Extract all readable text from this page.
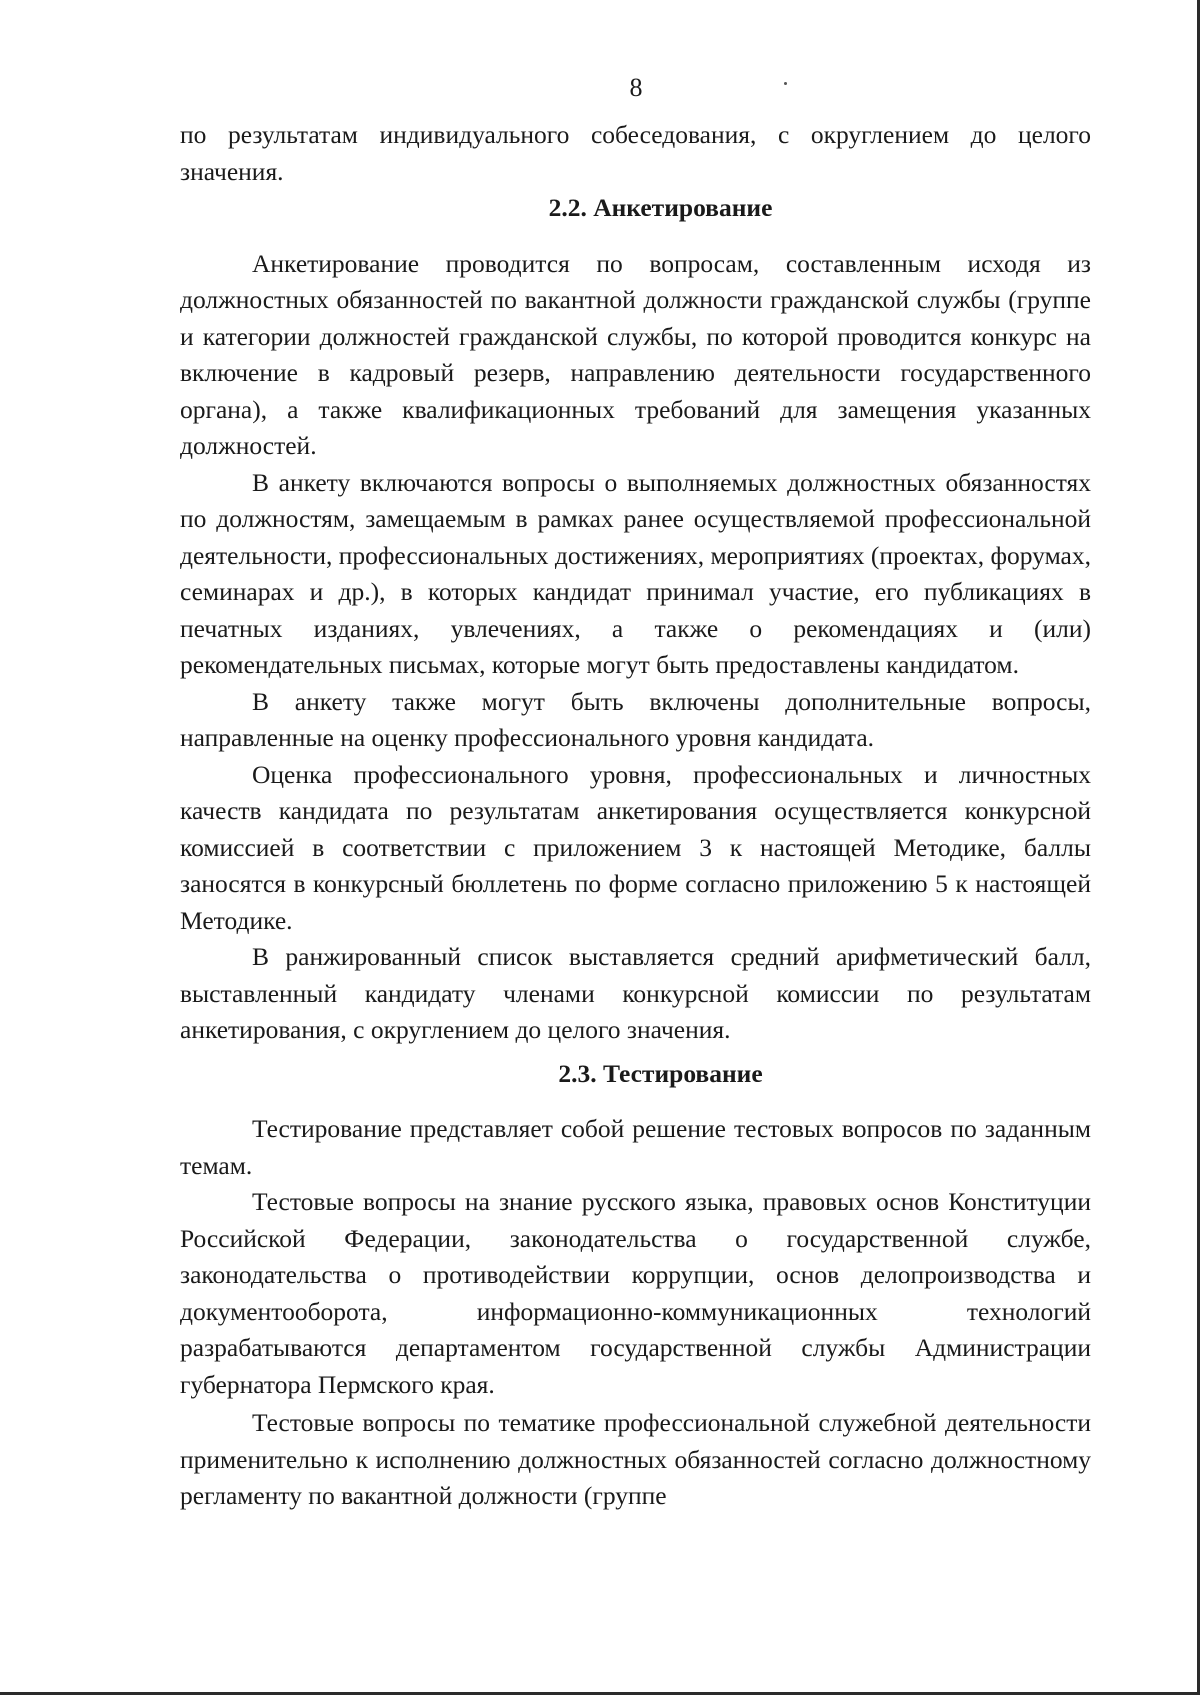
8

по результатам индивидуального собеседования, с округлением до целого значения.

2.2. Анкетирование

Анкетирование проводится по вопросам, составленным исходя из должностных обязанностей по вакантной должности гражданской службы (группе и категории должностей гражданской службы, по которой проводится конкурс на включение в кадровый резерв, направлению деятельности государственного органа), а также квалификационных требований для замещения указанных должностей.

В анкету включаются вопросы о выполняемых должностных обязанностях по должностям, замещаемым в рамках ранее осуществляемой профессиональной деятельности, профессиональных достижениях, мероприятиях (проектах, форумах, семинарах и др.), в которых кандидат принимал участие, его публикациях в печатных изданиях, увлечениях, а также о рекомендациях и (или) рекомендательных письмах, которые могут быть предоставлены кандидатом.

В анкету также могут быть включены дополнительные вопросы, направленные на оценку профессионального уровня кандидата.

Оценка профессионального уровня, профессиональных и личностных качеств кандидата по результатам анкетирования осуществляется конкурсной комиссией в соответствии с приложением 3 к настоящей Методике, баллы заносятся в конкурсный бюллетень по форме согласно приложению 5 к настоящей Методике.

В ранжированный список выставляется средний арифметический балл, выставленный кандидату членами конкурсной комиссии по результатам анкетирования, с округлением до целого значения.

2.3. Тестирование

Тестирование представляет собой решение тестовых вопросов по заданным темам.

Тестовые вопросы на знание русского языка, правовых основ Конституции Российской Федерации, законодательства о государственной службе, законодательства о противодействии коррупции, основ делопроизводства и документооборота, информационно-коммуникационных технологий разрабатываются департаментом государственной службы Администрации губернатора Пермского края.

Тестовые вопросы по тематике профессиональной служебной деятельности применительно к исполнению должностных обязанностей согласно должностному регламенту по вакантной должности (группе
